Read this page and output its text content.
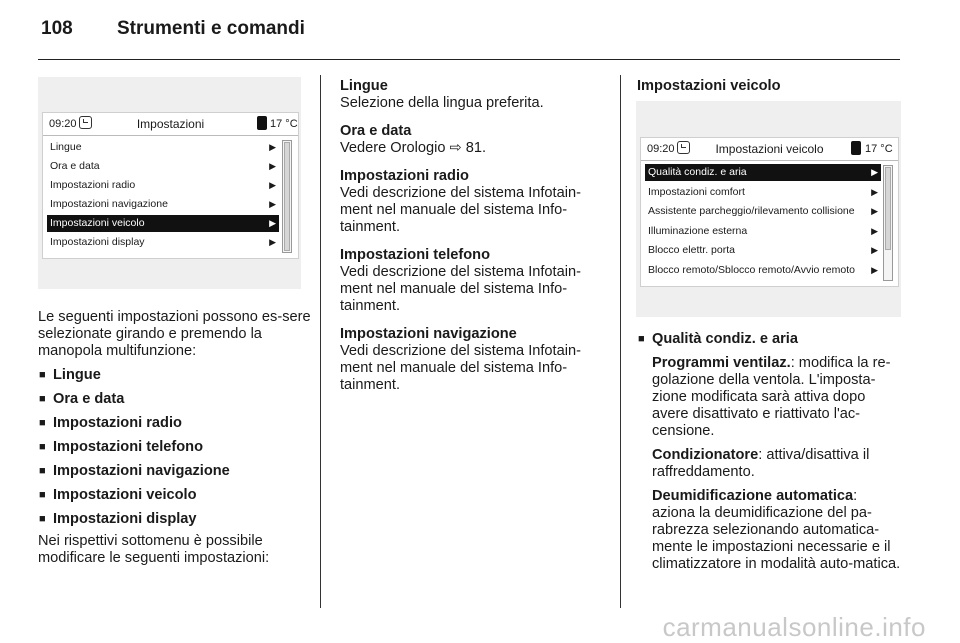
108 Strumenti e comandi
09:20	Impostazioni	17 °C
Lingue	▶
Ora e data	▶
Impostazioni radio	▶
Impostazioni navigazione	▶
Impostazioni veicolo	▶
Impostazioni display	▶
09:20	Impostazioni veicolo	17 °C
Qualità condiz. e aria	▶
Impostazioni comfort	▶
Assistente parcheggio/rilevamento collisione ▶
Illuminazione esterna	▶
Blocco elettr. porta	▶
Blocco remoto/Sblocco remoto/Avvio remoto ▶

Le seguenti impostazioni possono es-sere selezionate girando e premendo la manopola multifunzione:

■ Lingue
■ Ora e data
■ Impostazioni radio
■ Impostazioni telefono
■ Impostazioni navigazione
■ Impostazioni veicolo
■ Impostazioni display

Nei rispettivi sottomenu è possibile modificare le seguenti impostazioni:

Lingue

Selezione della lingua preferita.

Ora e data

Vedere Orologio ⇨ 81.

Impostazioni radio

Vedi descrizione del sistema Infotain-ment nel manuale del sistema Info-tainment.

Impostazioni telefono

Vedi descrizione del sistema Infotain-ment nel manuale del sistema Info-tainment.

Impostazioni navigazione

Vedi descrizione del sistema Infotain-ment nel manuale del sistema Info-tainment.

Impostazioni veicolo

■ Qualità condiz. e aria

Programmi ventilaz.: modifica la re-golazione della ventola. L'imposta-zione modificata sarà attiva dopo avere disattivato e riattivato l'ac-censione.

Condizionatore: attiva/disattiva il raffreddamento.

Deumidificazione automatica:
aziona la deumidificazione del pa-rabrezza selezionando automatica-mente le impostazioni necessarie e il climatizzatore in modalità auto-matica.

carmanualsonline.info
